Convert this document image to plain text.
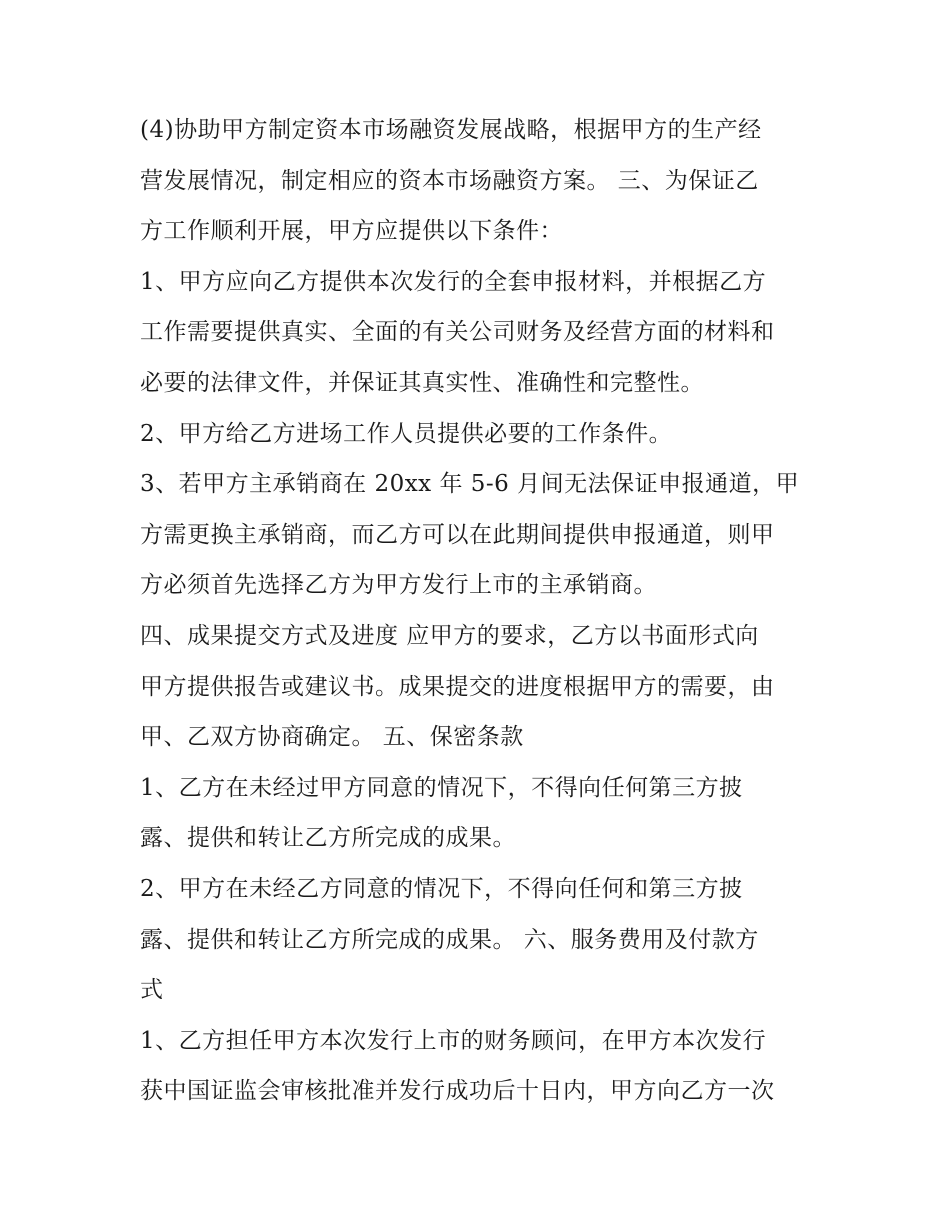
(4)协助甲方制定资本市场融资发展战略，根据甲方的生产经
营发展情况，制定相应的资本市场融资方案。 三、为保证乙
方工作顺利开展，甲方应提供以下条件：
1、甲方应向乙方提供本次发行的全套申报材料，并根据乙方
工作需要提供真实、全面的有关公司财务及经营方面的材料和
必要的法律文件，并保证其真实性、准确性和完整性。
2、甲方给乙方进场工作人员提供必要的工作条件。
3、若甲方主承销商在 20xx 年 5-6 月间无法保证申报通道，甲
方需更换主承销商，而乙方可以在此期间提供申报通道，则甲
方必须首先选择乙方为甲方发行上市的主承销商。
四、成果提交方式及进度 应甲方的要求，乙方以书面形式向
甲方提供报告或建议书。成果提交的进度根据甲方的需要，由
甲、乙双方协商确定。 五、保密条款
1、乙方在未经过甲方同意的情况下，不得向任何第三方披
露、提供和转让乙方所完成的成果。
2、甲方在未经乙方同意的情况下，不得向任何和第三方披
露、提供和转让乙方所完成的成果。 六、服务费用及付款方
式
1、乙方担任甲方本次发行上市的财务顾问，在甲方本次发行
获中国证监会审核批准并发行成功后十日内，甲方向乙方一次
